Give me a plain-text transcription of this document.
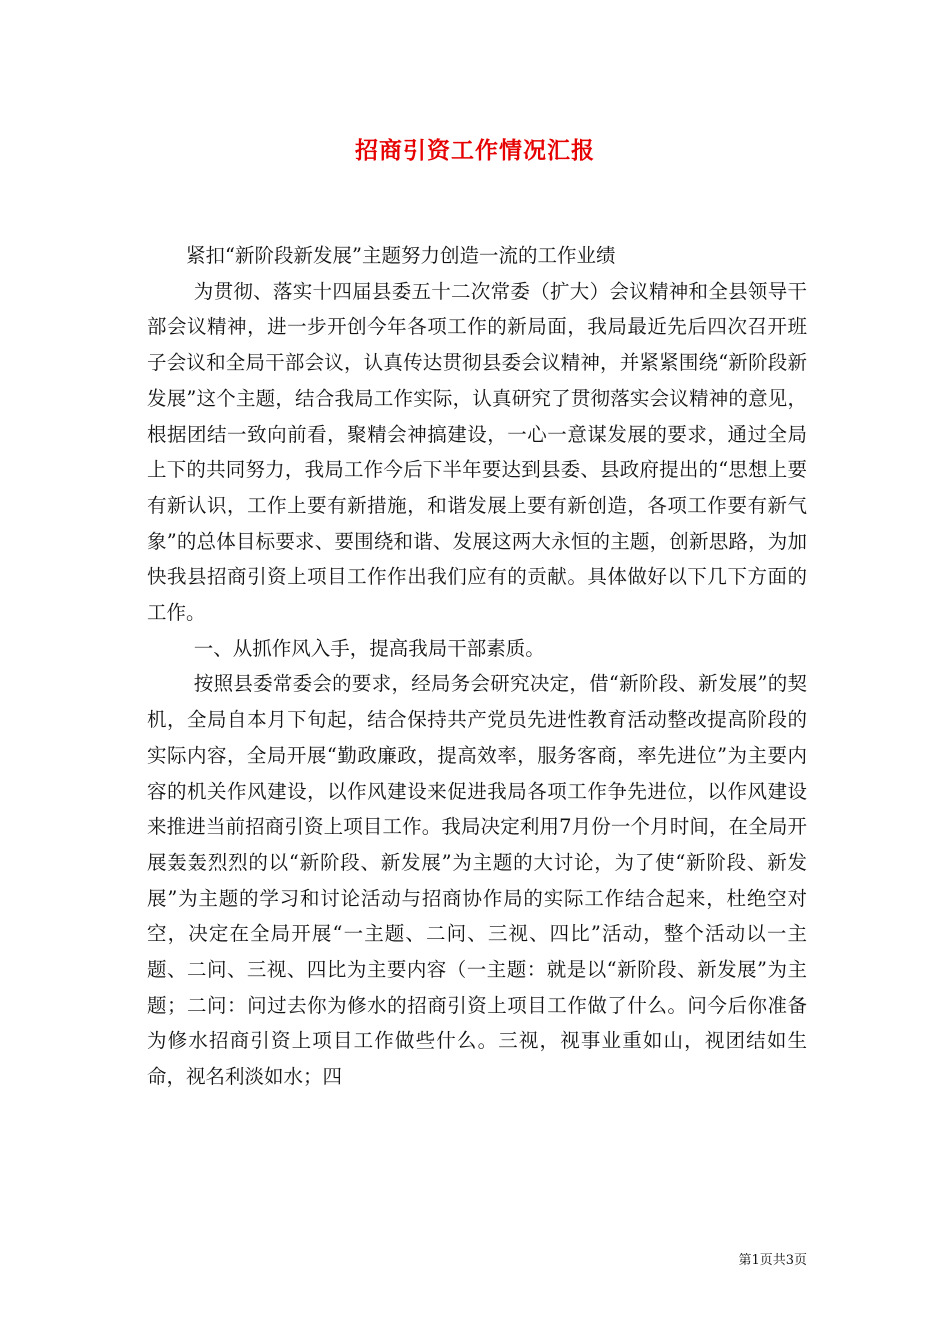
招商引资工作情况汇报

紧扣“新阶段新发展”主题努力创造一流的工作业绩

为贯彻、落实十四届县委五十二次常委（扩大）会议精神和全县领导干部会议精神，进一步开创今年各项工作的新局面，我局最近先后四次召开班子会议和全局干部会议，认真传达贯彻县委会议精神，并紧紧围绕“新阶段新发展”这个主题，结合我局工作实际，认真研究了贯彻落实会议精神的意见，根据团结一致向前看，聚精会神搞建设，一心一意谋发展的要求，通过全局上下的共同努力，我局工作今后下半年要达到县委、县政府提出的“思想上要有新认识，工作上要有新措施，和谐发展上要有新创造，各项工作要有新气象”的总体目标要求、要围绕和谐、发展这两大永恒的主题，创新思路，为加快我县招商引资上项目工作作出我们应有的贡献。具体做好以下几下方面的工作。

一、从抓作风入手，提高我局干部素质。

按照县委常委会的要求，经局务会研究决定，借“新阶段、新发展”的契机，全局自本月下旬起，结合保持共产党员先进性教育活动整改提高阶段的实际内容，全局开展“勤政廉政，提高效率，服务客商，率先进位”为主要内容的机关作风建设，以作风建设来促进我局各项工作争先进位，以作风建设来推进当前招商引资上项目工作。我局决定利用7月份一个月时间，在全局开展轰轰烈烈的以“新阶段、新发展”为主题的大讨论，为了使“新阶段、新发展”为主题的学习和讨论活动与招商协作局的实际工作结合起来，杜绝空对空，决定在全局开展“一主题、二问、三视、四比”活动，整个活动以一主题、二问、三视、四比为主要内容（一主题：就是以“新阶段、新发展”为主题；二问：问过去你为修水的招商引资上项目工作做了什么。问今后你准备为修水招商引资上项目工作做些什么。三视，视事业重如山，视团结如生命，视名利淡如水；四

第1页共3页
